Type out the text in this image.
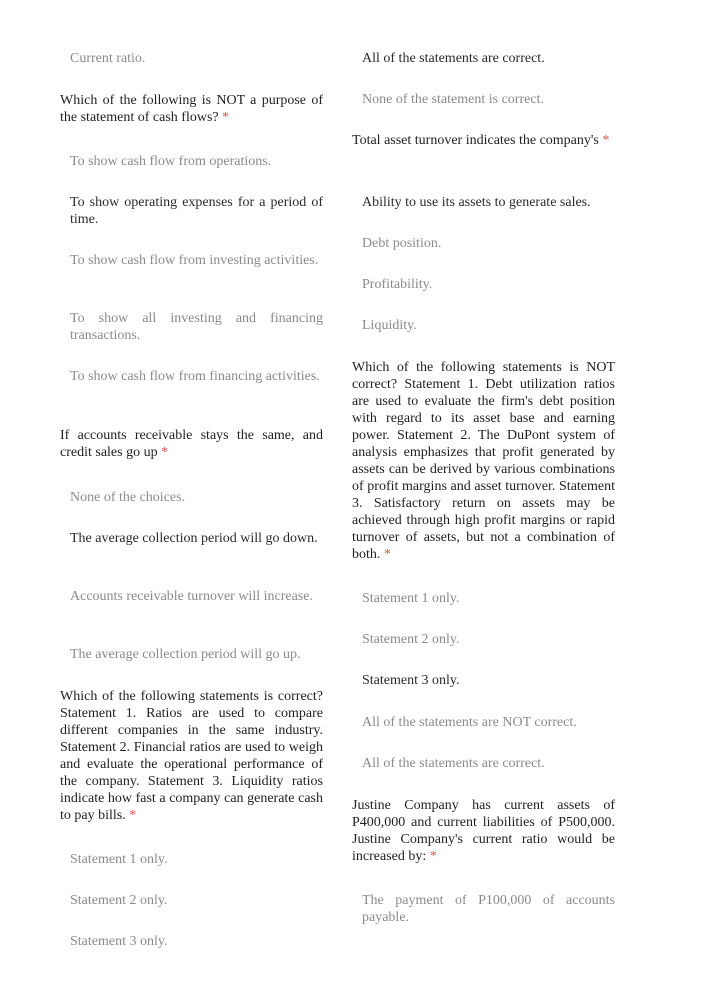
Current ratio.
Which of the following is NOT a purpose of the statement of cash flows? *
To show cash flow from operations.
To show operating expenses for a period of time.
To show cash flow from investing activities.
To show all investing and financing transactions.
To show cash flow from financing activities.
If accounts receivable stays the same, and credit sales go up *
None of the choices.
The average collection period will go down.
Accounts receivable turnover will increase.
The average collection period will go up.
Which of the following statements is correct? Statement 1. Ratios are used to compare different companies in the same industry. Statement 2. Financial ratios are used to weigh and evaluate the operational performance of the company. Statement 3. Liquidity ratios indicate how fast a company can generate cash to pay bills. *
Statement 1 only.
Statement 2 only.
Statement 3 only.
All of the statements are correct.
None of the statement is correct.
Total asset turnover indicates the company's *
Ability to use its assets to generate sales.
Debt position.
Profitability.
Liquidity.
Which of the following statements is NOT correct? Statement 1. Debt utilization ratios are used to evaluate the firm's debt position with regard to its asset base and earning power. Statement 2. The DuPont system of analysis emphasizes that profit generated by assets can be derived by various combinations of profit margins and asset turnover. Statement 3. Satisfactory return on assets may be achieved through high profit margins or rapid turnover of assets, but not a combination of both. *
Statement 1 only.
Statement 2 only.
Statement 3 only.
All of the statements are NOT correct.
All of the statements are correct.
Justine Company has current assets of P400,000 and current liabilities of P500,000. Justine Company's current ratio would be increased by: *
The payment of P100,000 of accounts payable.
